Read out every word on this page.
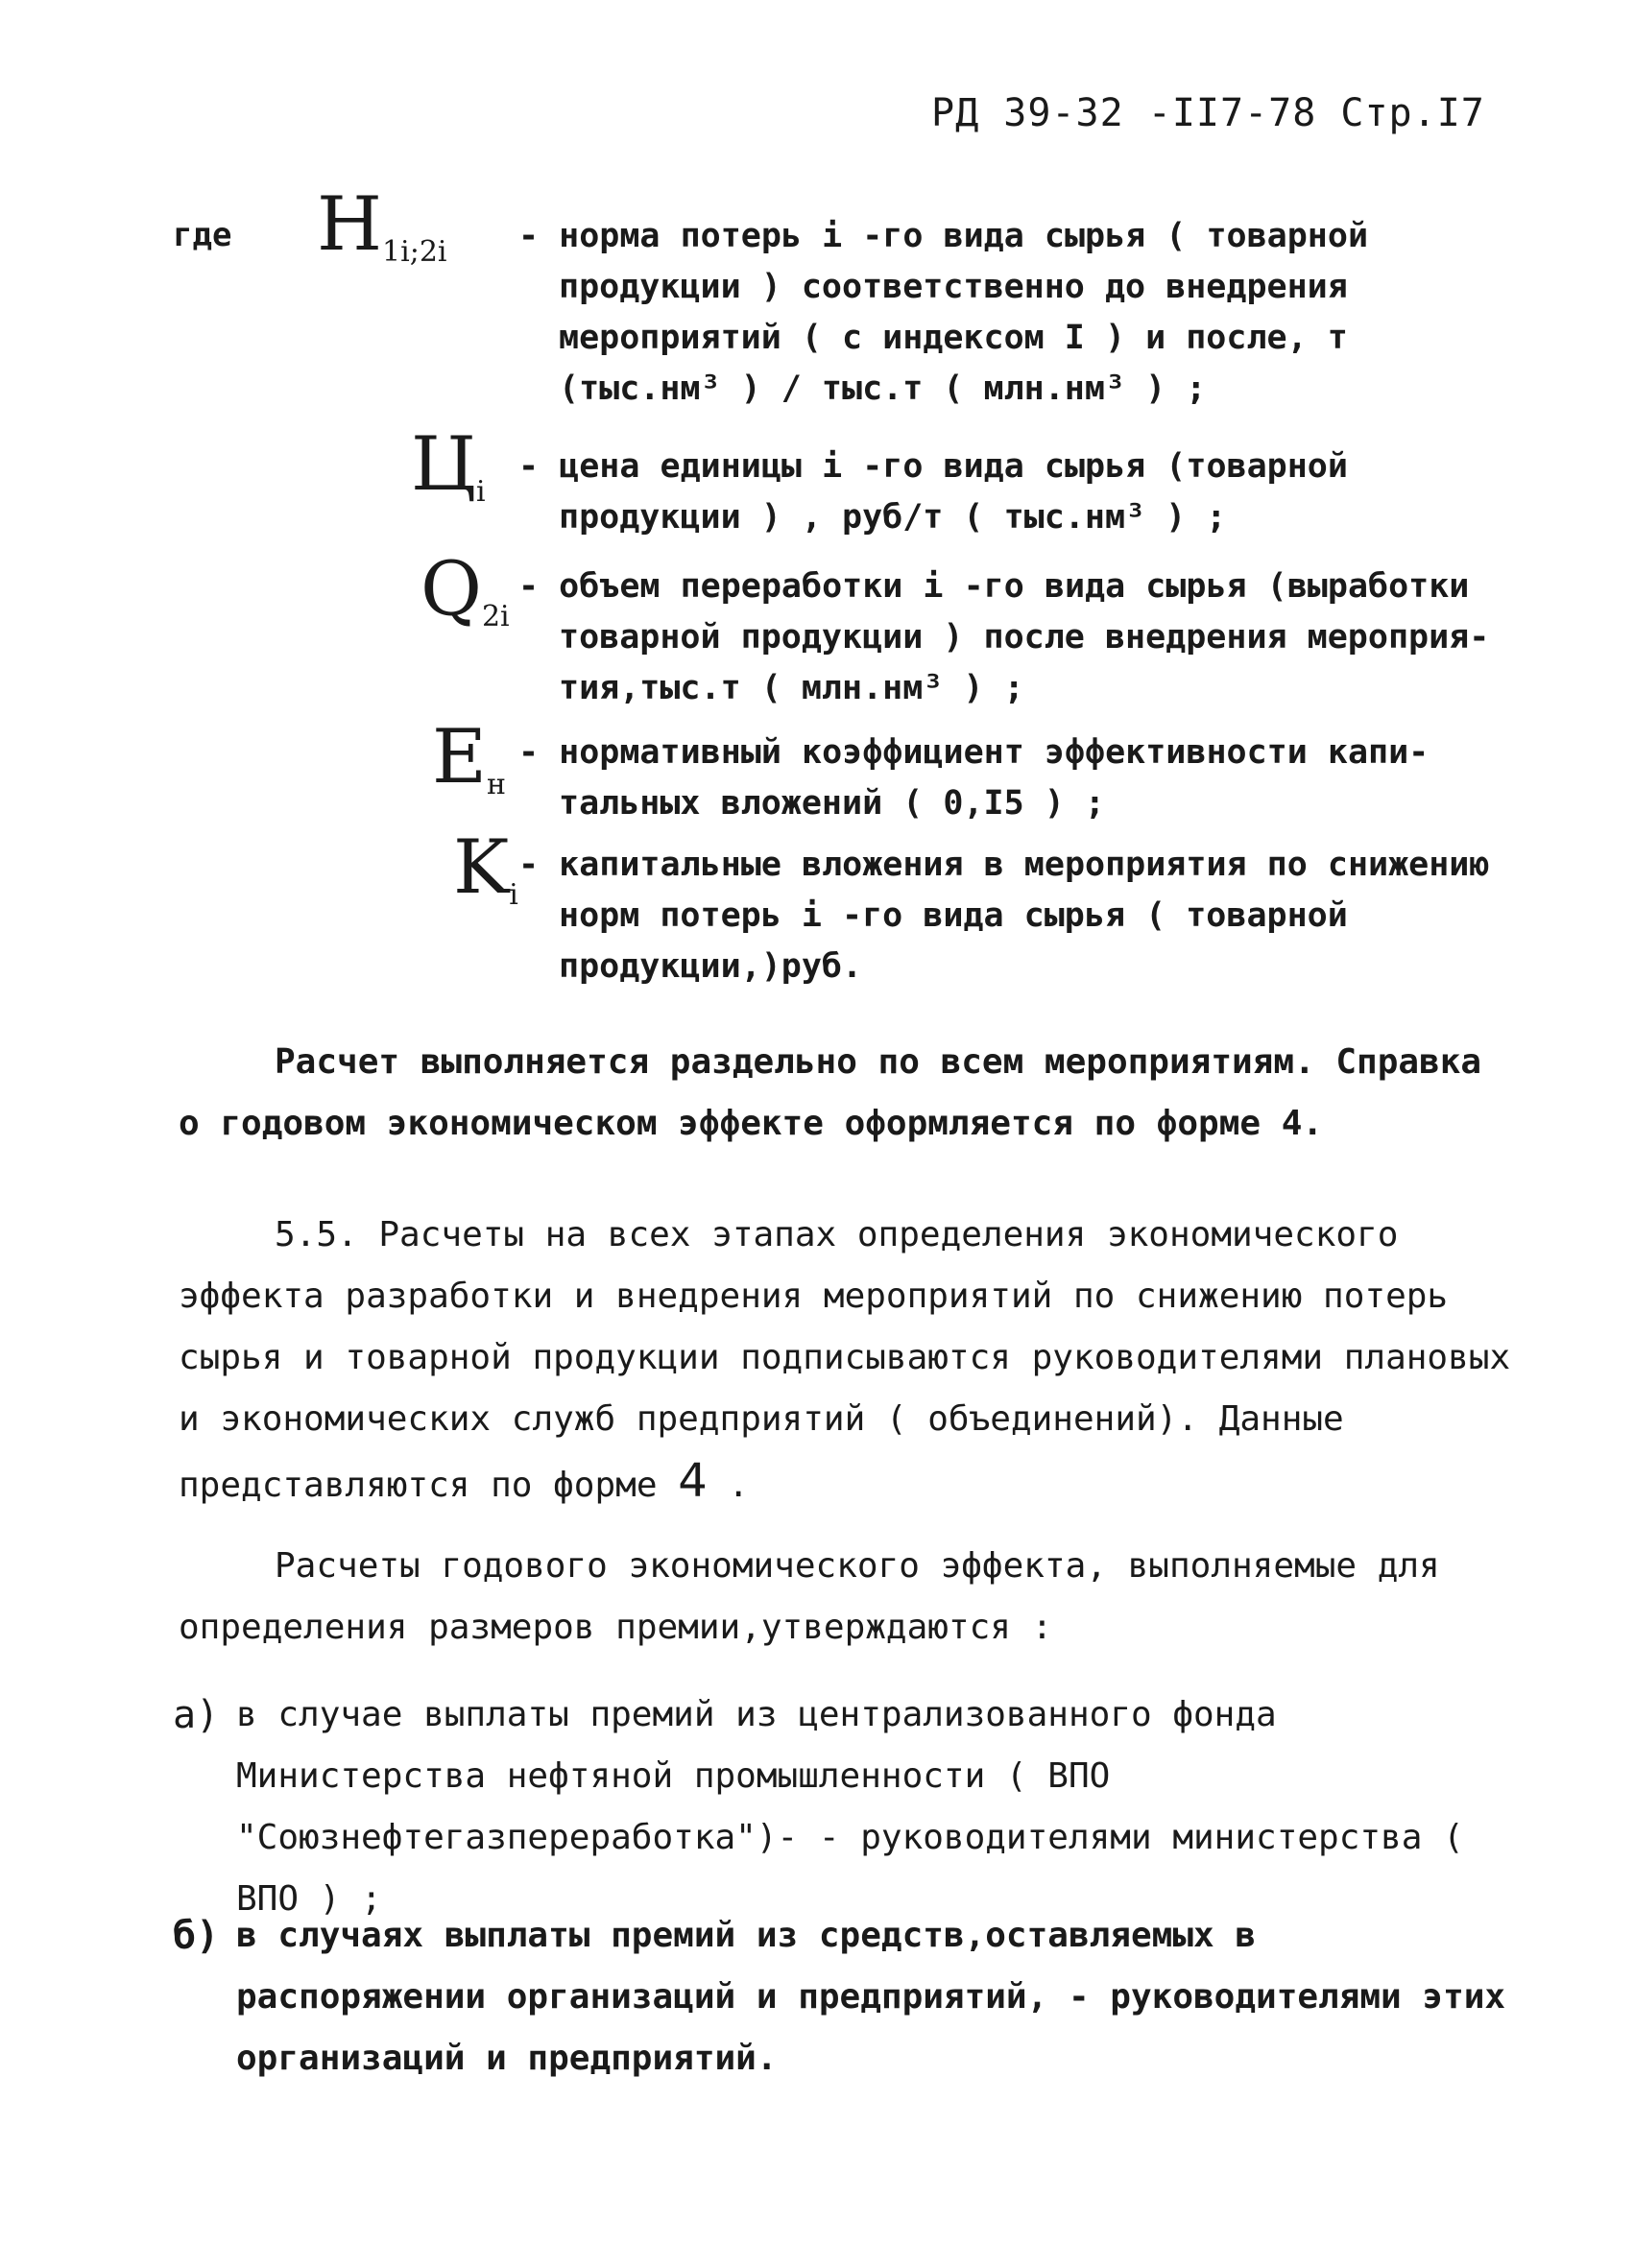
РД 39-32 -II7-78 Стр.I7
где $H_{1i;2i}$ - норма потерь i -го вида сырья ( товарной
продукции ) соответственно до внедрения
мероприятий ( с индексом I ) и после, т
(тыс.нм³ ) / тыс.т ( млн.нм³ ) ;
$Ц_i$
- цена единицы i -го вида сырья (товарной
продукции ) , руб/т ( тыс.нм³ ) ;
$Q_{2i}$
- объем переработки i -го вида сырья (выработки
товарной продукции ) после внедрения мероприя-
тия,тыс.т ( млн.нм³ ) ;
$E_н$
- нормативный коэффициент эффективности капи-
тальных вложений ( 0,I5 ) ;
$K_i$
- капитальные вложения в мероприятия по снижению
норм потерь i -го вида сырья ( товарной
продукции,)руб.

Расчет выполняется раздельно по всем мероприятиям. Справка о годовом экономическом эффекте оформляется по форме 4.

5.5. Расчеты на всех этапах определения экономического эффекта разработки и внедрения мероприятий по снижению потерь сырья и товарной продукции подписываются руководителями плановых и экономических служб предприятий ( объединений). Данные представляются по форме 4 .

Расчеты годового экономического эффекта, выполняемые для определения размеров премии,утверждаются :

а) в случае выплаты премий из централизованного фонда Министерства нефтяной промышленности ( ВПО "Союзнефтегазпереработка")- - руководителями министерства ( ВПО ) ;
б) в случаях выплаты премий из средств,оставляемых в распоряжении организаций и предприятий, - руководителями этих организаций и предприятий.
